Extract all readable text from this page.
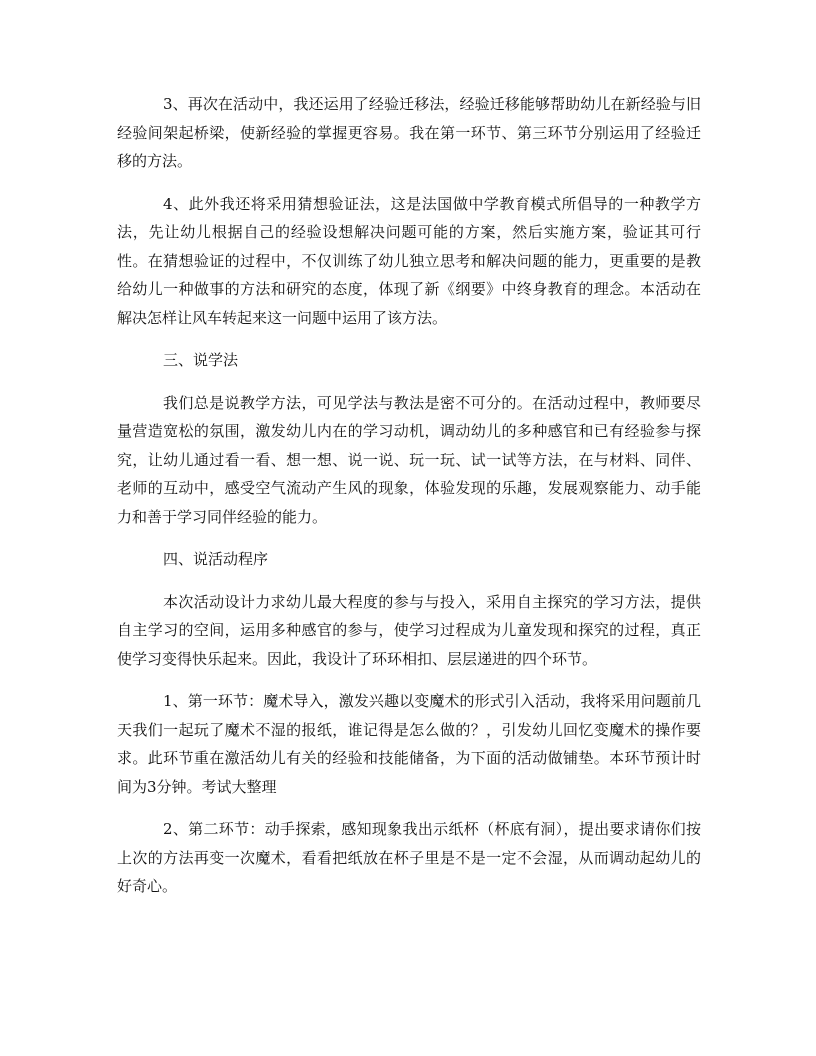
3、再次在活动中，我还运用了经验迁移法，经验迁移能够帮助幼儿在新经验与旧经验间架起桥梁，使新经验的掌握更容易。我在第一环节、第三环节分别运用了经验迁移的方法。

4、此外我还将采用猜想验证法，这是法国做中学教育模式所倡导的一种教学方法，先让幼儿根据自己的经验设想解决问题可能的方案，然后实施方案，验证其可行性。在猜想验证的过程中，不仅训练了幼儿独立思考和解决问题的能力，更重要的是教给幼儿一种做事的方法和研究的态度，体现了新《纲要》中终身教育的理念。本活动在解决怎样让风车转起来这一问题中运用了该方法。

三、说学法

我们总是说教学方法，可见学法与教法是密不可分的。在活动过程中，教师要尽量营造宽松的氛围，激发幼儿内在的学习动机，调动幼儿的多种感官和已有经验参与探究，让幼儿通过看一看、想一想、说一说、玩一玩、试一试等方法，在与材料、同伴、老师的互动中，感受空气流动产生风的现象，体验发现的乐趣，发展观察能力、动手能力和善于学习同伴经验的能力。

四、说活动程序

本次活动设计力求幼儿最大程度的参与与投入，采用自主探究的学习方法，提供自主学习的空间，运用多种感官的参与，使学习过程成为儿童发现和探究的过程，真正使学习变得快乐起来。因此，我设计了环环相扣、层层递进的四个环节。

1、第一环节：魔术导入，激发兴趣以变魔术的形式引入活动，我将采用问题前几天我们一起玩了魔术不湿的报纸，谁记得是怎么做的？，引发幼儿回忆变魔术的操作要求。此环节重在激活幼儿有关的经验和技能储备，为下面的活动做铺垫。本环节预计时间为3分钟。考试大整理

2、第二环节：动手探索，感知现象我出示纸杯（杯底有洞），提出要求请你们按上次的方法再变一次魔术，看看把纸放在杯子里是不是一定不会湿，从而调动起幼儿的好奇心。
